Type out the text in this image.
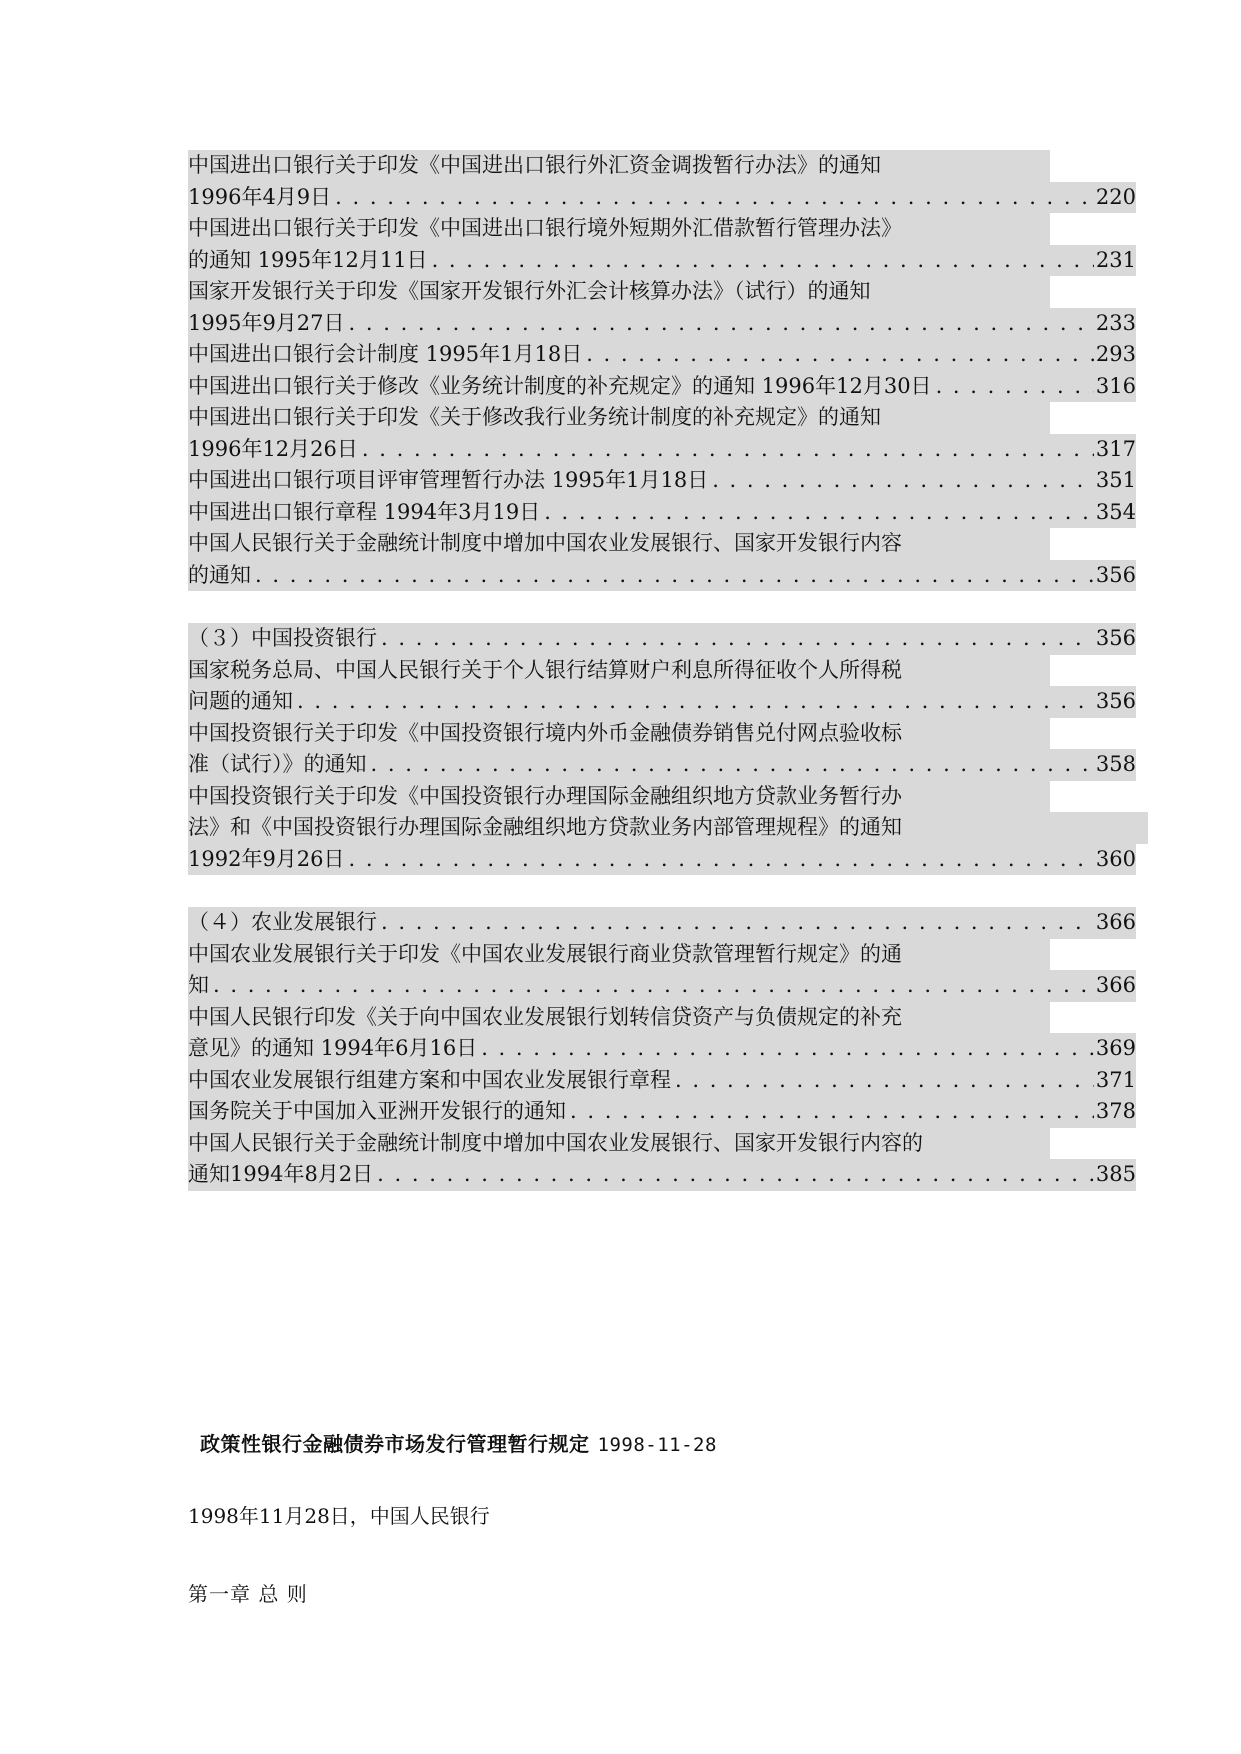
中国进出口银行关于印发《中国进出口银行外汇资金调拨暂行办法》的通知
1996年4月9日 . . .	220
中国进出口银行关于印发《中国进出口银行境外短期外汇借款暂行管理办法》
的通知 1995年12月11日 . . .	231
国家开发银行关于印发《国家开发银行外汇会计核算办法》（试行）的通知
1995年9月27日 . . .	233
中国进出口银行会计制度 1995年1月18日 . . .	293
中国进出口银行关于修改《业务统计制度的补充规定》的通知 1996年12月30日 . . .	316
中国进出口银行关于印发《关于修改我行业务统计制度的补充规定》的通知
1996年12月26日 . . .	317
中国进出口银行项目评审管理暂行办法 1995年1月18日 . . .	351
中国进出口银行章程 1994年3月19日 . . .	354
中国人民银行关于金融统计制度中增加中国农业发展银行、国家开发银行内容
的通知 . . .	356
（３）中国投资银行 . . .	356
国家税务总局、中国人民银行关于个人银行结算财户利息所得征收个人所得税
问题的通知 . . .	356
中国投资银行关于印发《中国投资银行境内外币金融债券销售兑付网点验收标
准（试行）》的通知 . . .	358
中国投资银行关于印发《中国投资银行办理国际金融组织地方贷款业务暂行办
法》和《中国投资银行办理国际金融组织地方贷款业务内部管理规程》的通知
1992年9月26日 . . .	360
（４）农业发展银行 . . .	366
中国农业发展银行关于印发《中国农业发展银行商业贷款管理暂行规定》的通
知 . . .	366
中国人民银行印发《关于向中国农业发展银行划转信贷资产与负债规定的补充
意见》的通知 1994年6月16日 . . .	369
中国农业发展银行组建方案和中国农业发展银行章程 . . .	371
国务院关于中国加入亚洲开发银行的通知 . . .	378
中国人民银行关于金融统计制度中增加中国农业发展银行、国家开发银行内容的
通知1994年8月2日 . . .	385
政策性银行金融债券市场发行管理暂行规定 1998-11-28
1998年11月28日，中国人民银行
第一章 总 则
